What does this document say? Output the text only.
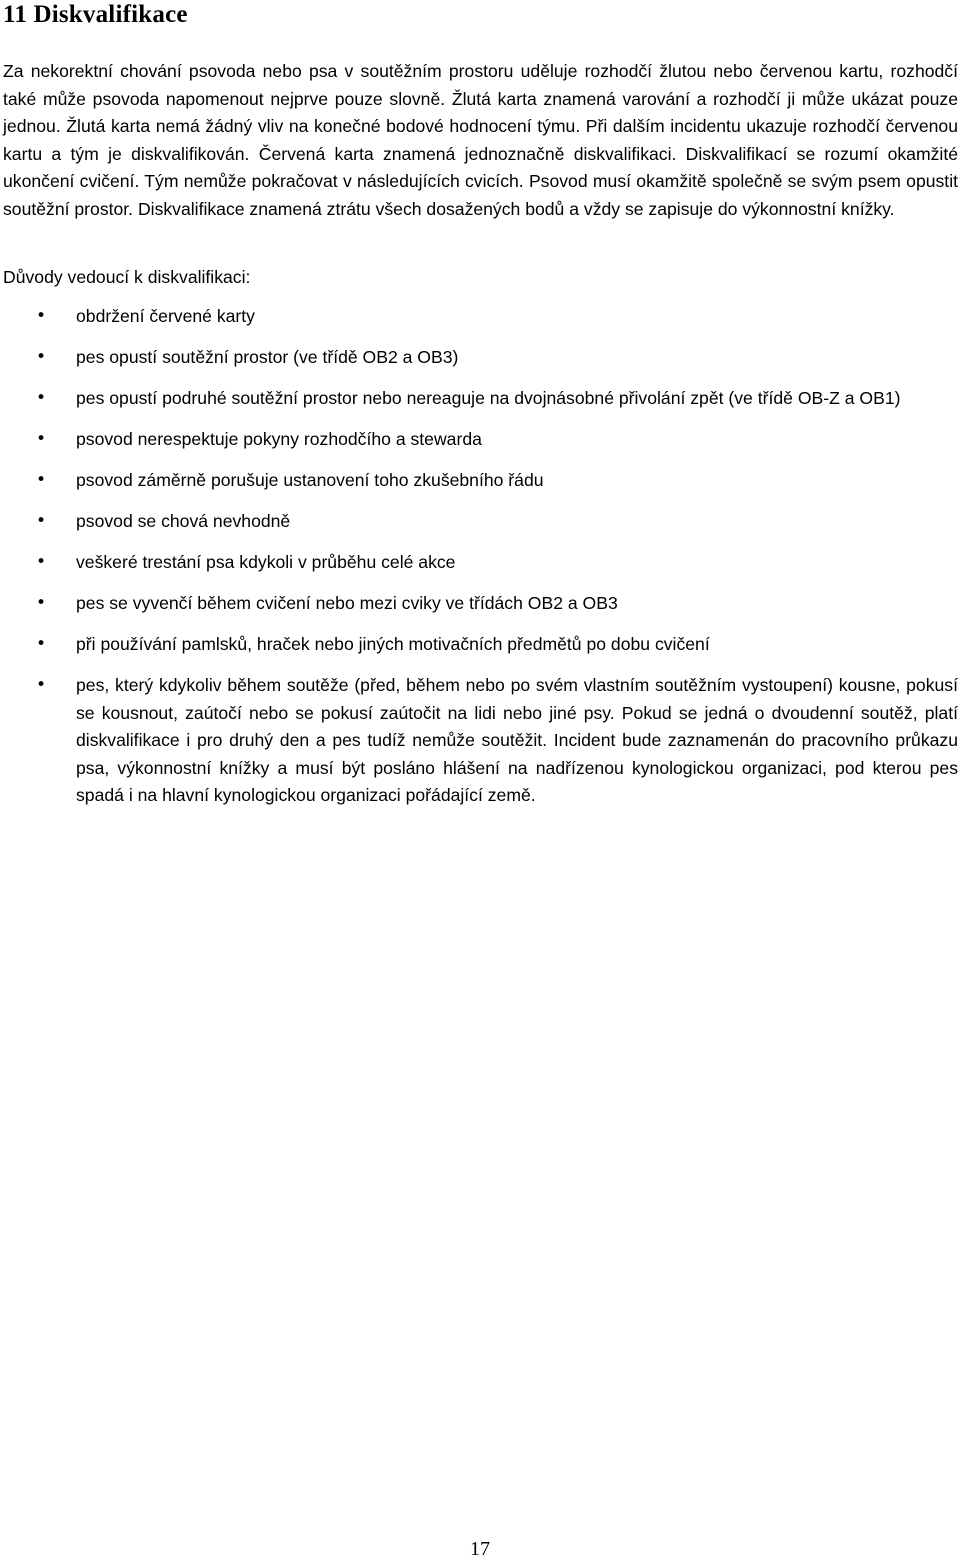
11 Diskvalifikace

Za nekorektní chování psovoda nebo psa v soutěžním prostoru uděluje rozhodčí žlutou nebo červenou kartu, rozhodčí také může psovoda napomenout nejprve pouze slovně. Žlutá karta znamená varování a rozhodčí ji může ukázat pouze jednou. Žlutá karta nemá žádný vliv na konečné bodové hodnocení týmu. Při dalším incidentu ukazuje rozhodčí červenou kartu a tým je diskvalifikován. Červená karta znamená jednoznačně diskvalifikaci. Diskvalifikací se rozumí okamžité ukončení cvičení. Tým nemůže pokračovat v následujících cvicích. Psovod musí okamžitě společně se svým psem opustit soutěžní prostor. Diskvalifikace znamená ztrátu všech dosažených bodů a vždy se zapisuje do výkonnostní knížky.

Důvody vedoucí k diskvalifikaci:

• obdržení červené karty
• pes opustí soutěžní prostor (ve třídě OB2 a OB3)
• pes opustí podruhé soutěžní prostor nebo nereaguje na dvojnásobné přivolání zpět (ve třídě OB-Z a OB1)
• psovod nerespektuje pokyny rozhodčího a stewarda
• psovod záměrně porušuje ustanovení toho zkušebního řádu
• psovod se chová nevhodně
• veškeré trestání psa kdykoli v průběhu celé akce
• pes se vyvenčí během cvičení nebo mezi cviky ve třídách OB2 a OB3
• při používání pamlsků, hraček nebo jiných motivačních předmětů po dobu cvičení
• pes, který kdykoliv během soutěže (před, během nebo po svém vlastním soutěžním vystoupení) kousne, pokusí se kousnout, zaútočí nebo se pokusí zaútočit na lidi nebo jiné psy. Pokud se jedná o dvoudenní soutěž, platí diskvalifikace i pro druhý den a pes tudíž nemůže soutěžit. Incident bude zaznamenán do pracovního průkazu psa, výkonnostní knížky a musí být posláno hlášení na nadřízenou kynologickou organizaci, pod kterou pes spadá i na hlavní kynologickou organizaci pořádající země.
17
